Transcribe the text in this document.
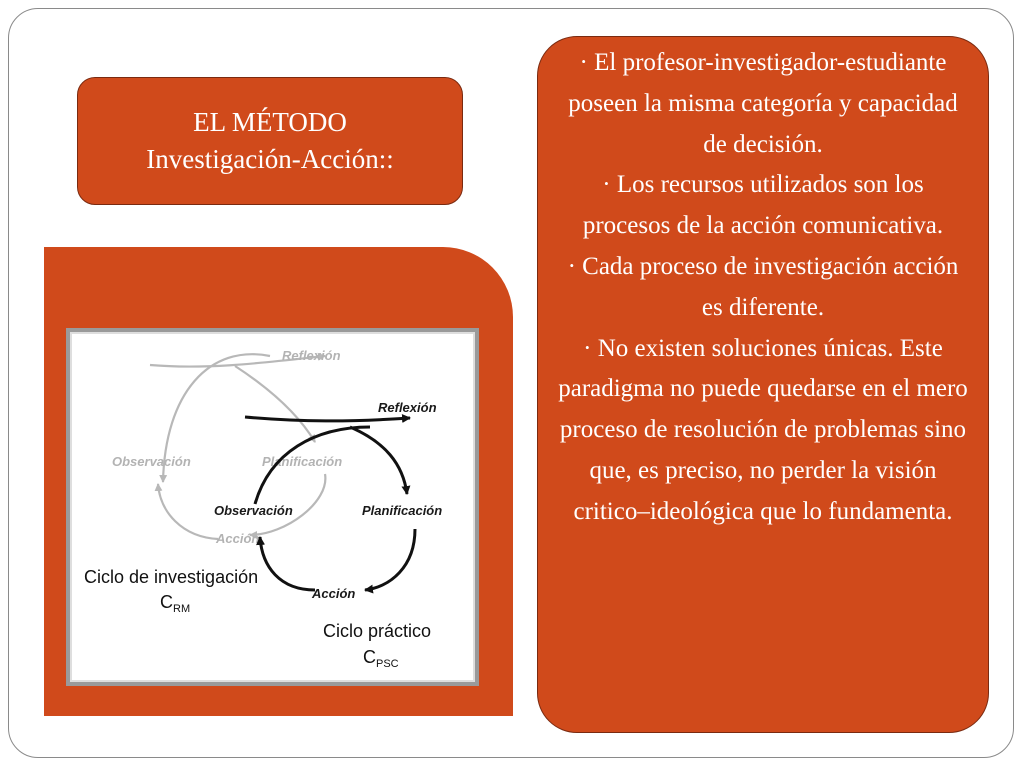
EL MÉTODO
Investigación-Acción::
Reflexión
Observación	Planificación
Acción
Reflexión
Observación	Planificación
Acción
Ciclo de investigación
C RM
Ciclo práctico
C PSC

· El profesor-investigador-estudiante poseen la misma categoría y capacidad de decisión.

· Los recursos utilizados son los procesos de la acción comunicativa.

· Cada proceso de investigación acción es diferente.

· No existen soluciones únicas. Este paradigma no puede quedarse en el mero proceso de resolución de problemas sino que, es preciso, no perder la visión critico–ideológica que lo fundamenta.
